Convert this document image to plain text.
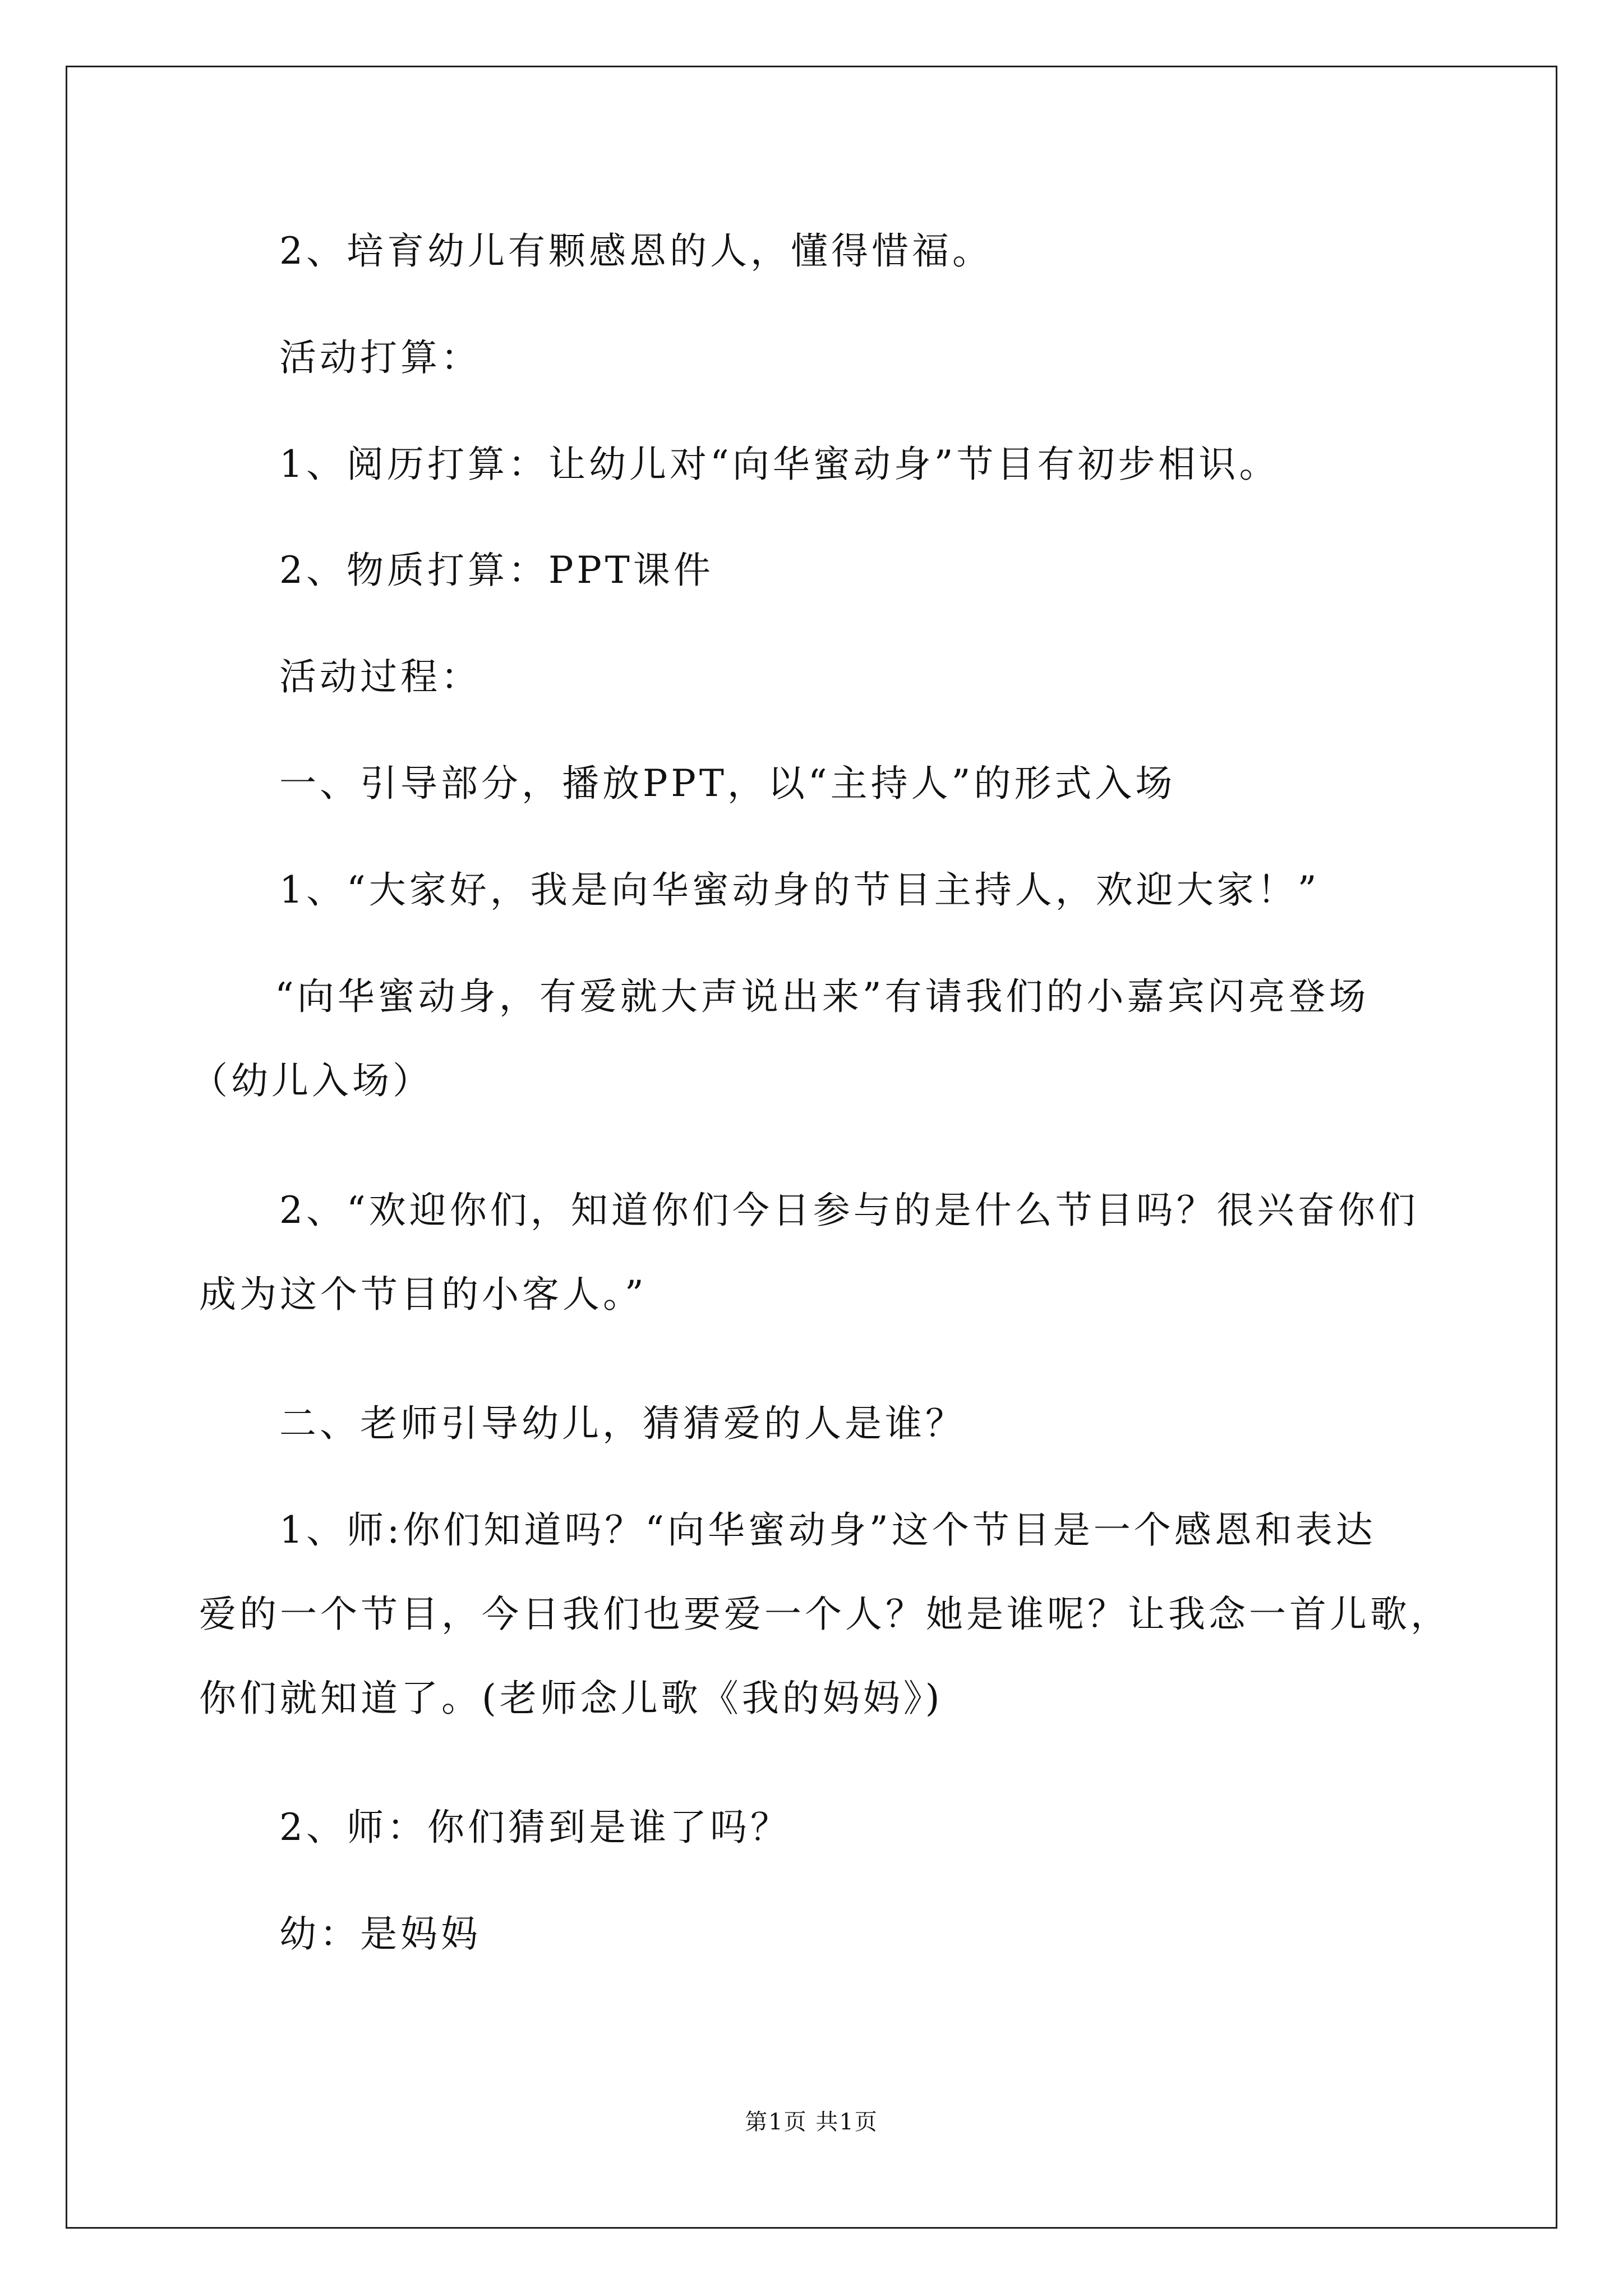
2、培育幼儿有颗感恩的人，懂得惜福。
活动打算：
1、阅历打算：让幼儿对“向华蜜动身”节目有初步相识。
2、物质打算：PPT课件
活动过程：
一、引导部分，播放PPT，以“主持人”的形式入场
1、“大家好，我是向华蜜动身的节目主持人，欢迎大家！”
“向华蜜动身，有爱就大声说出来”有请我们的小嘉宾闪亮登场
（幼儿入场）
2、“欢迎你们，知道你们今日参与的是什么节目吗？很兴奋你们
成为这个节目的小客人。”
二、老师引导幼儿，猜猜爱的人是谁？
1、师:你们知道吗？“向华蜜动身”这个节目是一个感恩和表达
爱的一个节目，今日我们也要爱一个人？她是谁呢？让我念一首儿歌，
你们就知道了。(老师念儿歌《我的妈妈》)
2、师：你们猜到是谁了吗？
幼：是妈妈
第1页 共1页
